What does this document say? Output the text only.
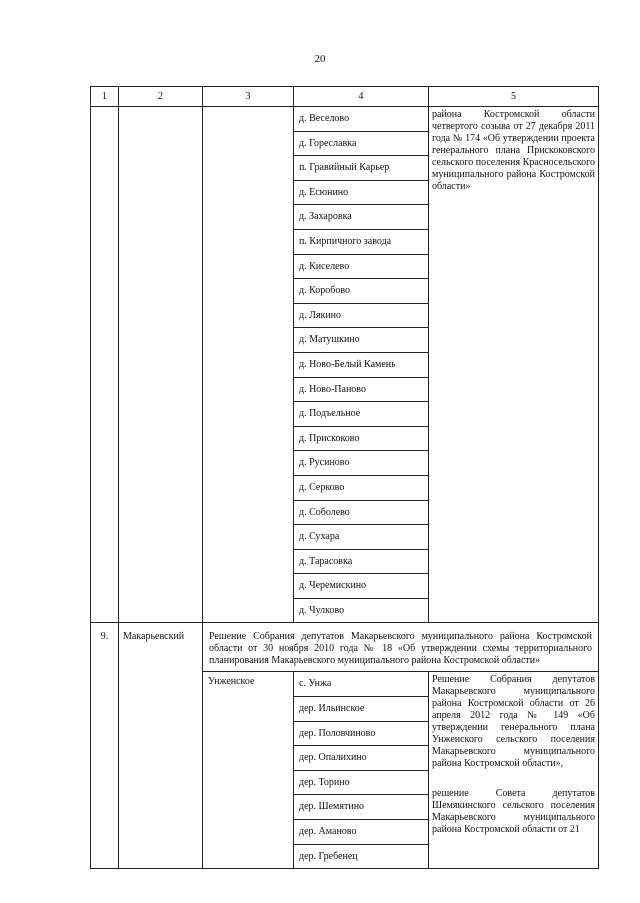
20
1	2	3	4	5
			д. Веселово	района Костромской области четвертого созыва от 27 декабря 2011 года № 174 «Об утверждении проекта генерального плана Прискоковского сельского поселения Красносельского муниципального района Костромской области»

			д. Гореславка	
			п. Гравийный Карьер	
			д. Есюнино	
			д. Захаровка	
			п. Кирпичного завода	
			д. Киселево	
			д. Коробово	
			д. Лякино	
			д. Матушкино	
			д. Ново-Белый Камень	
			д. Ново-Паново	
			д. Подъельное	
			д. Прискоково	
			д. Русиново	
			д. Серково	
			д. Соболево	
			д. Сухара	
			д. Тарасовка	
			д. Черемискино	
			д. Чулково	
9.	Макарьевский	Решение Собрания депутатов Макарьевского муниципального района Костромской области от 30 ноября 2010 года № 18 «Об утверждении схемы территориального планирования Макарьевского муниципального района Костромской области»		
		Унженское	с. Унжа	Решение Собрания депутатов Макарьевского муниципального района Костромской области от 26 апреля 2012 года № 149 «Об утверждении генерального плана Унженского сельского поселения Макарьевского муниципального района Костромской области»,

решение Совета депутатов Шемякинского сельского поселения Макарьевского муниципального района Костромской области от 21

			дер. Ильинское	
			дер. Половчиново	
			дер. Опалихино	
			дер. Торино	
			дер. Шемятино	
			дер. Аманово	
			дер. Гребенец	
